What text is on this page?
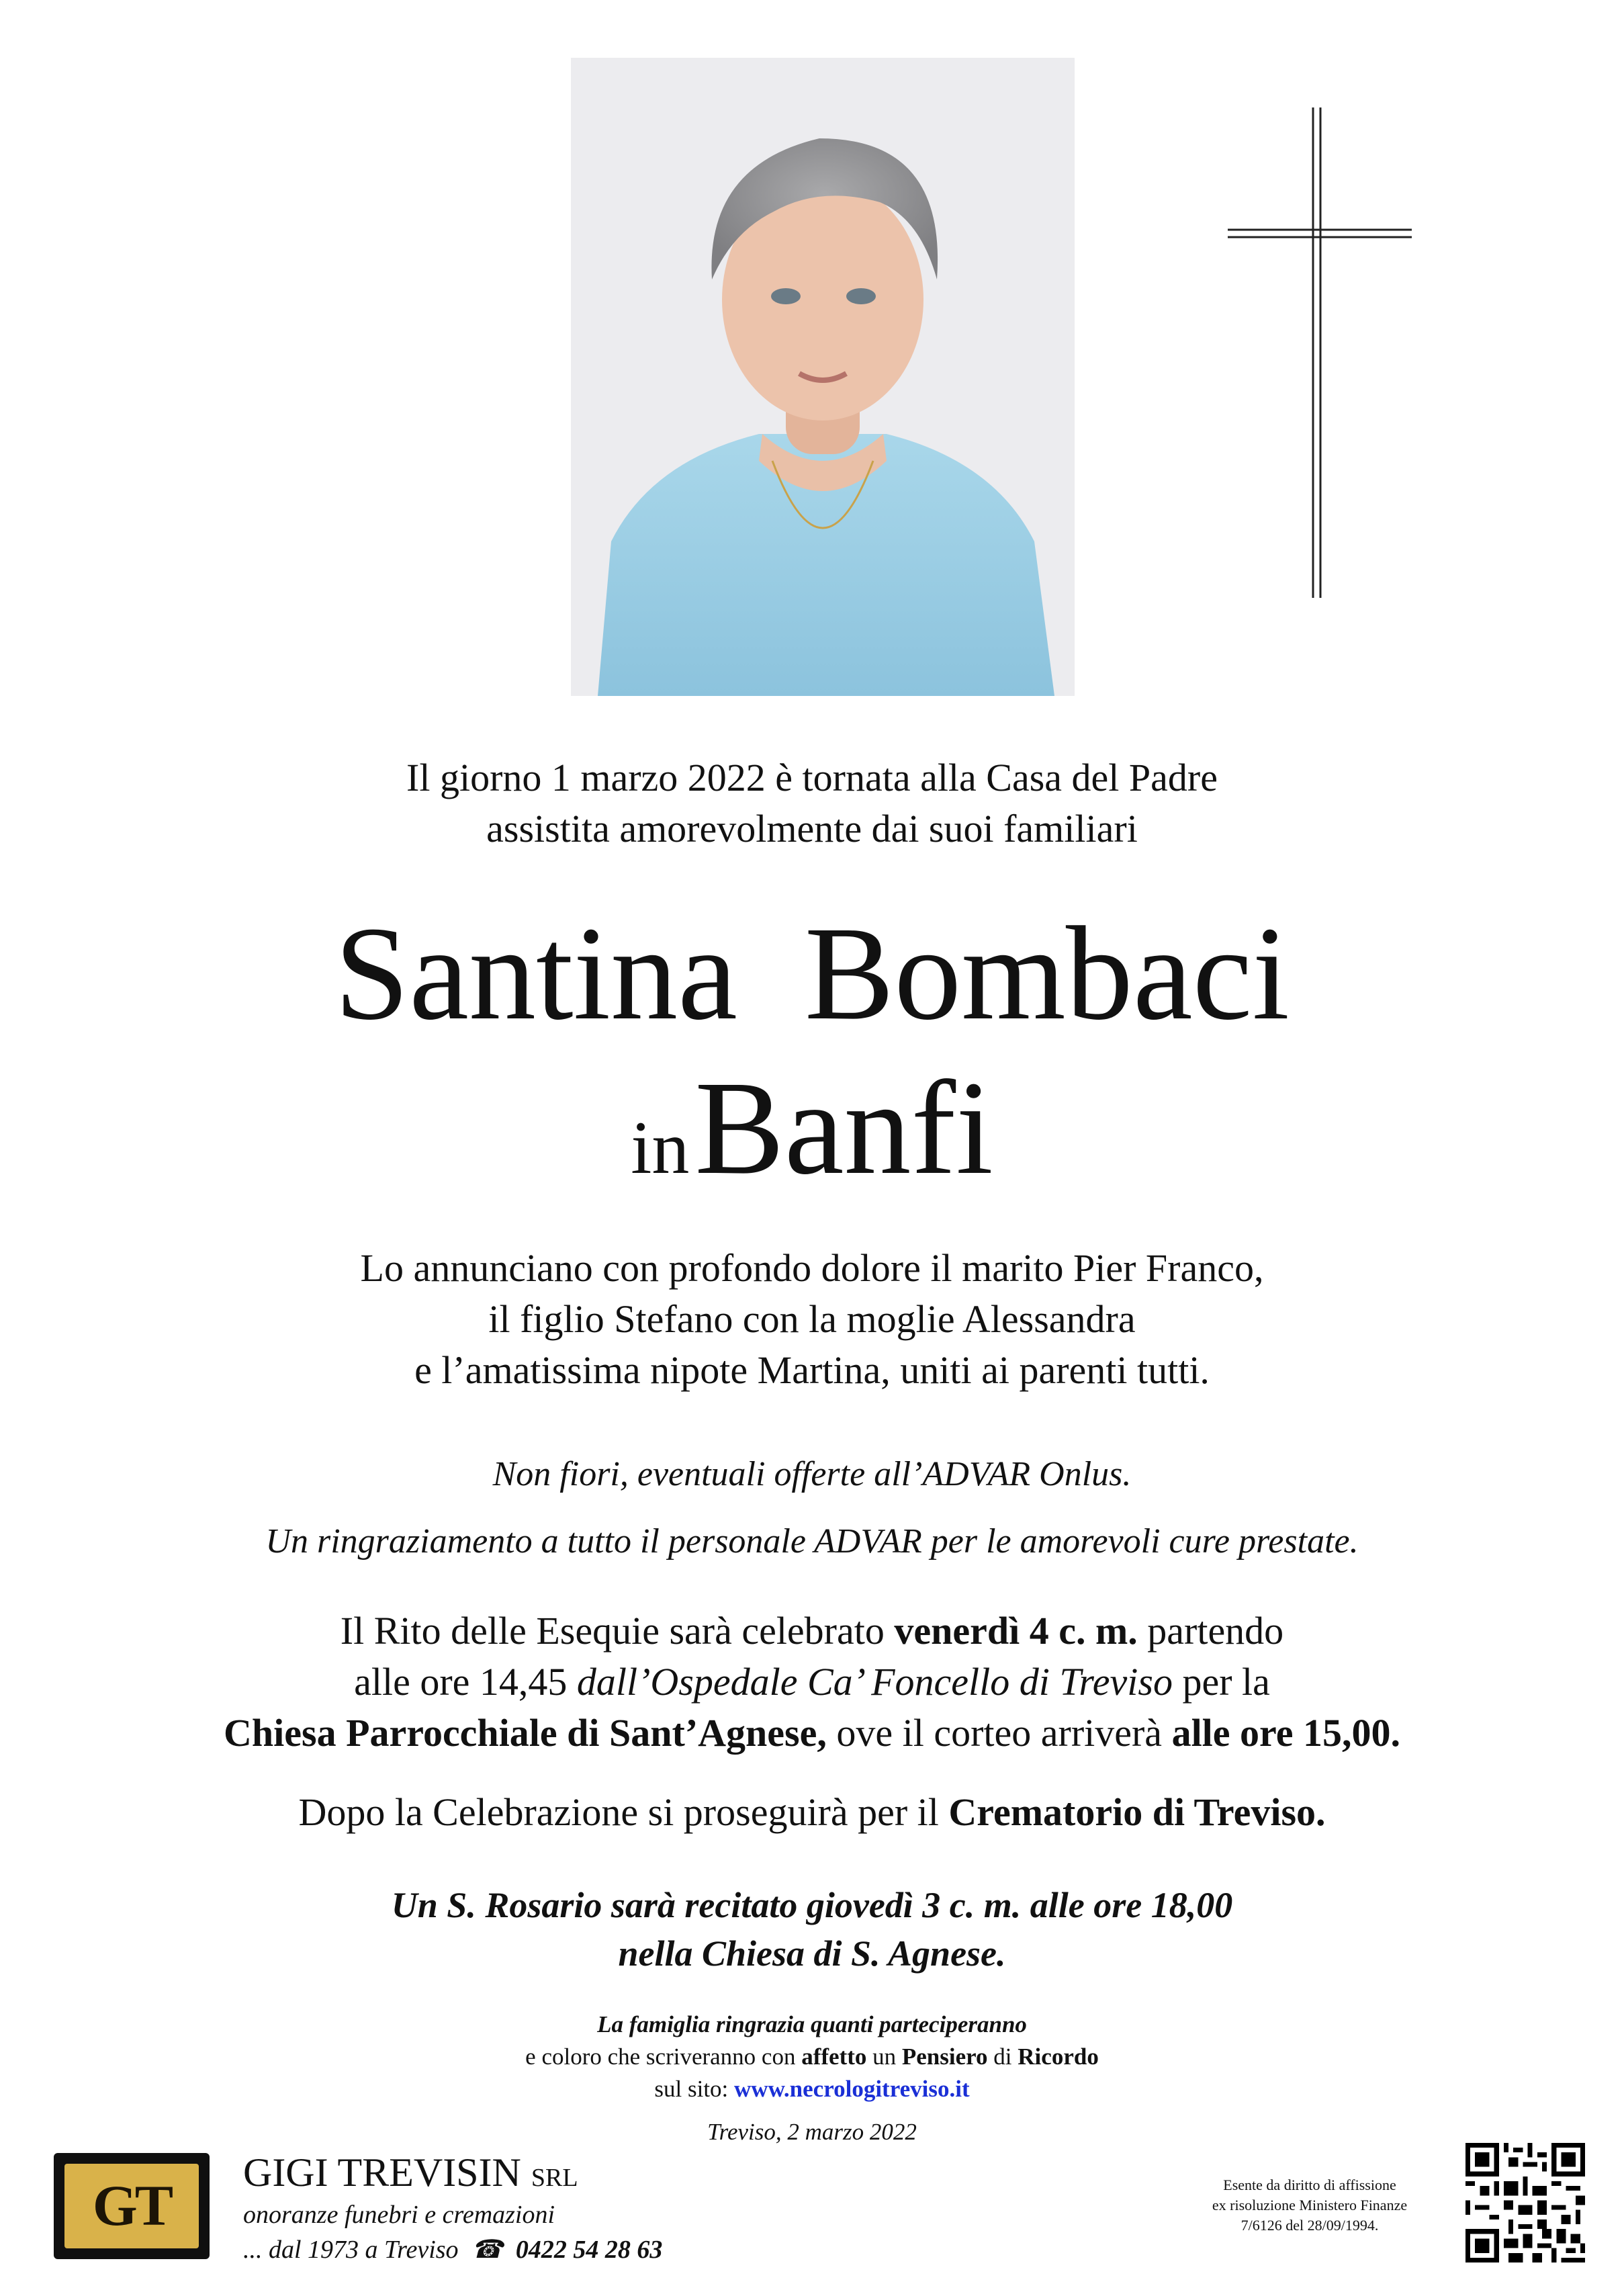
Il giorno 1 marzo 2022 è tornata alla Casa del Padre
assistita amorevolmente dai suoi familiari
Santina  Bombaci
in  Banfi
Lo annunciano con profondo dolore il marito Pier Franco,
il figlio Stefano con la moglie Alessandra
e l’amatissima nipote Martina, uniti ai parenti tutti.
Non fiori, eventuali offerte all’ADVAR Onlus.
Un ringraziamento a tutto il personale ADVAR per le amorevoli cure prestate.
Il Rito delle Esequie sarà celebrato venerdì 4 c. m. partendo
alle ore 14,45 dall’Ospedale Ca’ Foncello di Treviso per la
Chiesa Parrocchiale di Sant’Agnese, ove il corteo arriverà alle ore 15,00.
Dopo la Celebrazione si proseguirà per il Crematorio di Treviso.
Un S. Rosario sarà recitato giovedì 3 c. m. alle ore 18,00
nella Chiesa di S. Agnese.
La famiglia ringrazia quanti parteciperanno
e coloro che scriveranno con affetto un Pensiero di Ricordo
sul sito: www.necrologitreviso.it
Treviso, 2 marzo 2022
GT
GIGI TREVISIN SRL
onoranze funebri e cremazioni
... dal 1973 a Treviso ☎ 0422 54 28 63
Esente da diritto di affissione
ex risoluzione Ministero Finanze
7/6126 del 28/09/1994.
